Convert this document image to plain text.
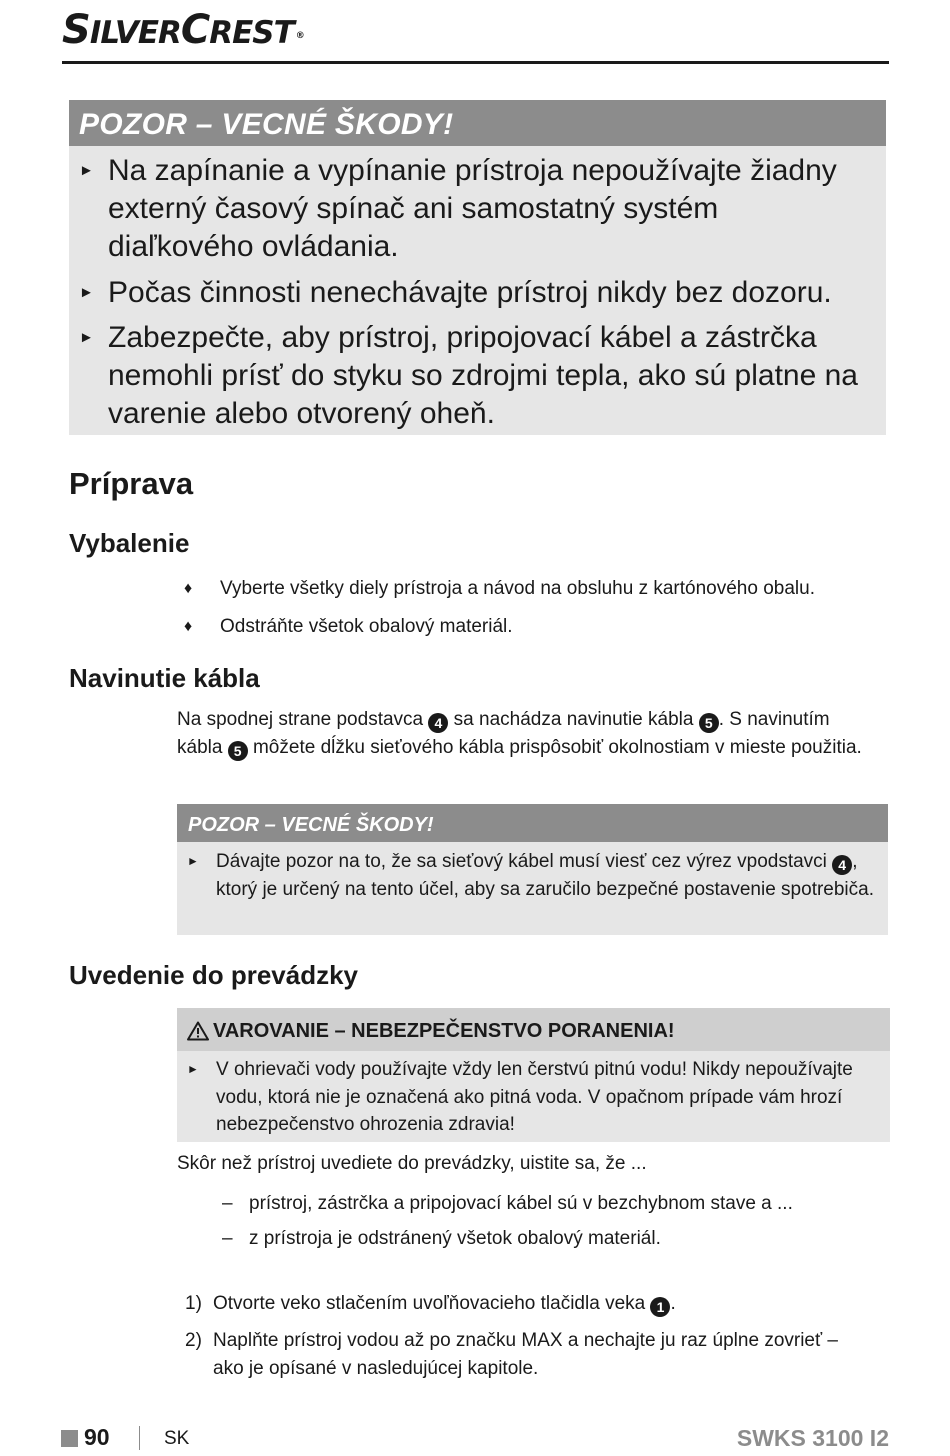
SILVERCREST ®
POZOR – VECNÉ ŠKODY!
► Na zapínanie a vypínanie prístroja nepoužívajte žiadny externý časový spínač ani samostatný systém diaľkového ovládania.
► Počas činnosti nenechávajte prístroj nikdy bez dozoru.
► Zabezpečte, aby prístroj, pripojovací kábel a zástrčka nemohli prísť do styku so zdrojmi tepla, ako sú platne na varenie alebo otvorený oheň.
Príprava
Vybalenie
♦ Vyberte všetky diely prístroja a návod na obsluhu z kartónového obalu.
♦ Odstráňte všetok obalový materiál.
Navinutie kábla
Na spodnej strane podstavca 4 sa nachádza navinutie kábla 5 . S navinutím kábla 5 môžete dĺžku sieťového kábla prispôsobiť okolnostiam v mieste použitia.
POZOR – VECNÉ ŠKODY!
► Dávajte pozor na to, že sa sieťový kábel musí viesť cez výrez vpodstavci 4 , ktorý je určený na tento účel, aby sa zaručilo bezpečné postavenie spotrebiča.
Uvedenie do prevádzky
VAROVANIE – NEBEZPEČENSTVO PORANENIA!
► V ohrievači vody používajte vždy len čerstvú pitnú vodu! Nikdy nepoužívajte vodu, ktorá nie je označená ako pitná voda. V opačnom prípade vám hrozí nebezpečenstvo ohrozenia zdravia!
Skôr než prístroj uvediete do prevádzky, uistite sa, že ...
– prístroj, zástrčka a pripojovací kábel sú v bezchybnom stave a ...
– z prístroja je odstránený všetok obalový materiál.
1) Otvorte veko stlačením uvoľňovacieho tlačidla veka 1 .
2) Naplňte prístroj vodou až po značku MAX a nechajte ju raz úplne zovrieť – ako je opísané v nasledujúcej kapitole.
90	SK	SWKS 3100 I2
